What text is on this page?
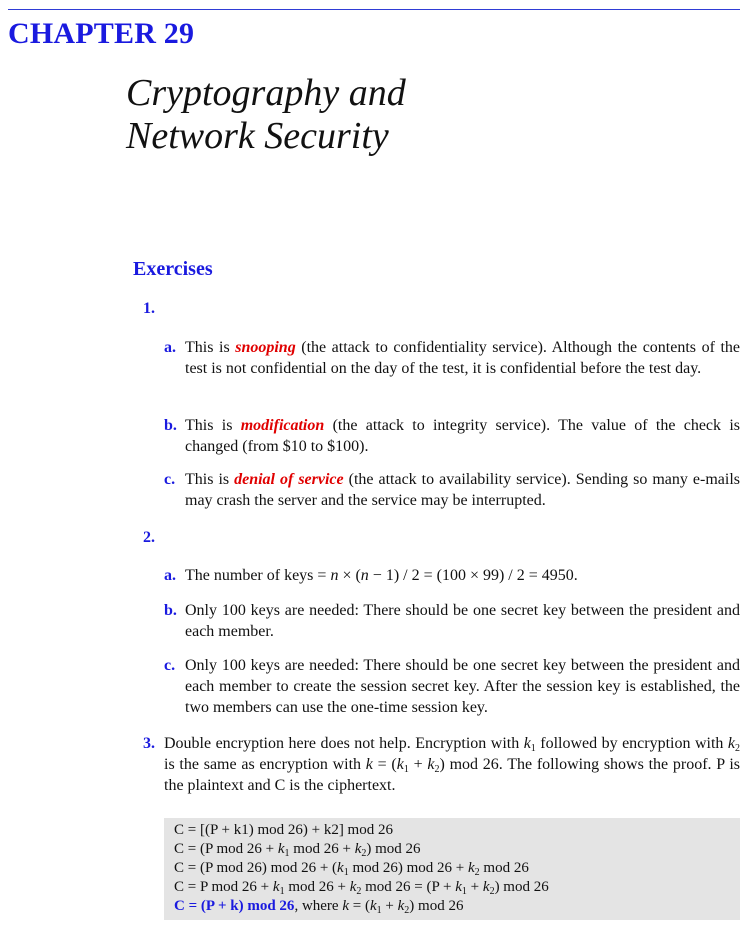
CHAPTER 29
Cryptography and
Network Security
Exercises
1.
a. This is snooping (the attack to confidentiality service). Although the contents of the test is not confidential on the day of the test, it is confidential before the test day.
b. This is modification (the attack to integrity service). The value of the check is changed (from $10 to $100).
c. This is denial of service (the attack to availability service). Sending so many e-mails may crash the server and the service may be interrupted.
2.
a. The number of keys = n × (n − 1) / 2 = (100 × 99) / 2 = 4950.
b. Only 100 keys are needed: There should be one secret key between the president and each member.
c. Only 100 keys are needed: There should be one secret key between the president and each member to create the session secret key. After the session key is established, the two members can use the one-time session key.
3. Double encryption here does not help. Encryption with $k_1$ followed by encryption with $k_2$ is the same as encryption with $k = (k_1 + k_2)$ mod 26. The following shows the proof. P is the plaintext and C is the ciphertext.
C = [(P + k1) mod 26) + k2] mod 26
C = (P mod $26 + k_1$ mod $26 + k_2$) mod 26
C = (P mod 26) mod $26 + (k_1$ mod 26) mod $26 + k_2$ mod 26
C = P mod $26 + k_1$ mod $26 + k_2$ mod $26 = (P + k_1 + k_2)$ mod 26
C = (P + k) mod 26, where $k = (k_1 + k_2)$ mod 26
